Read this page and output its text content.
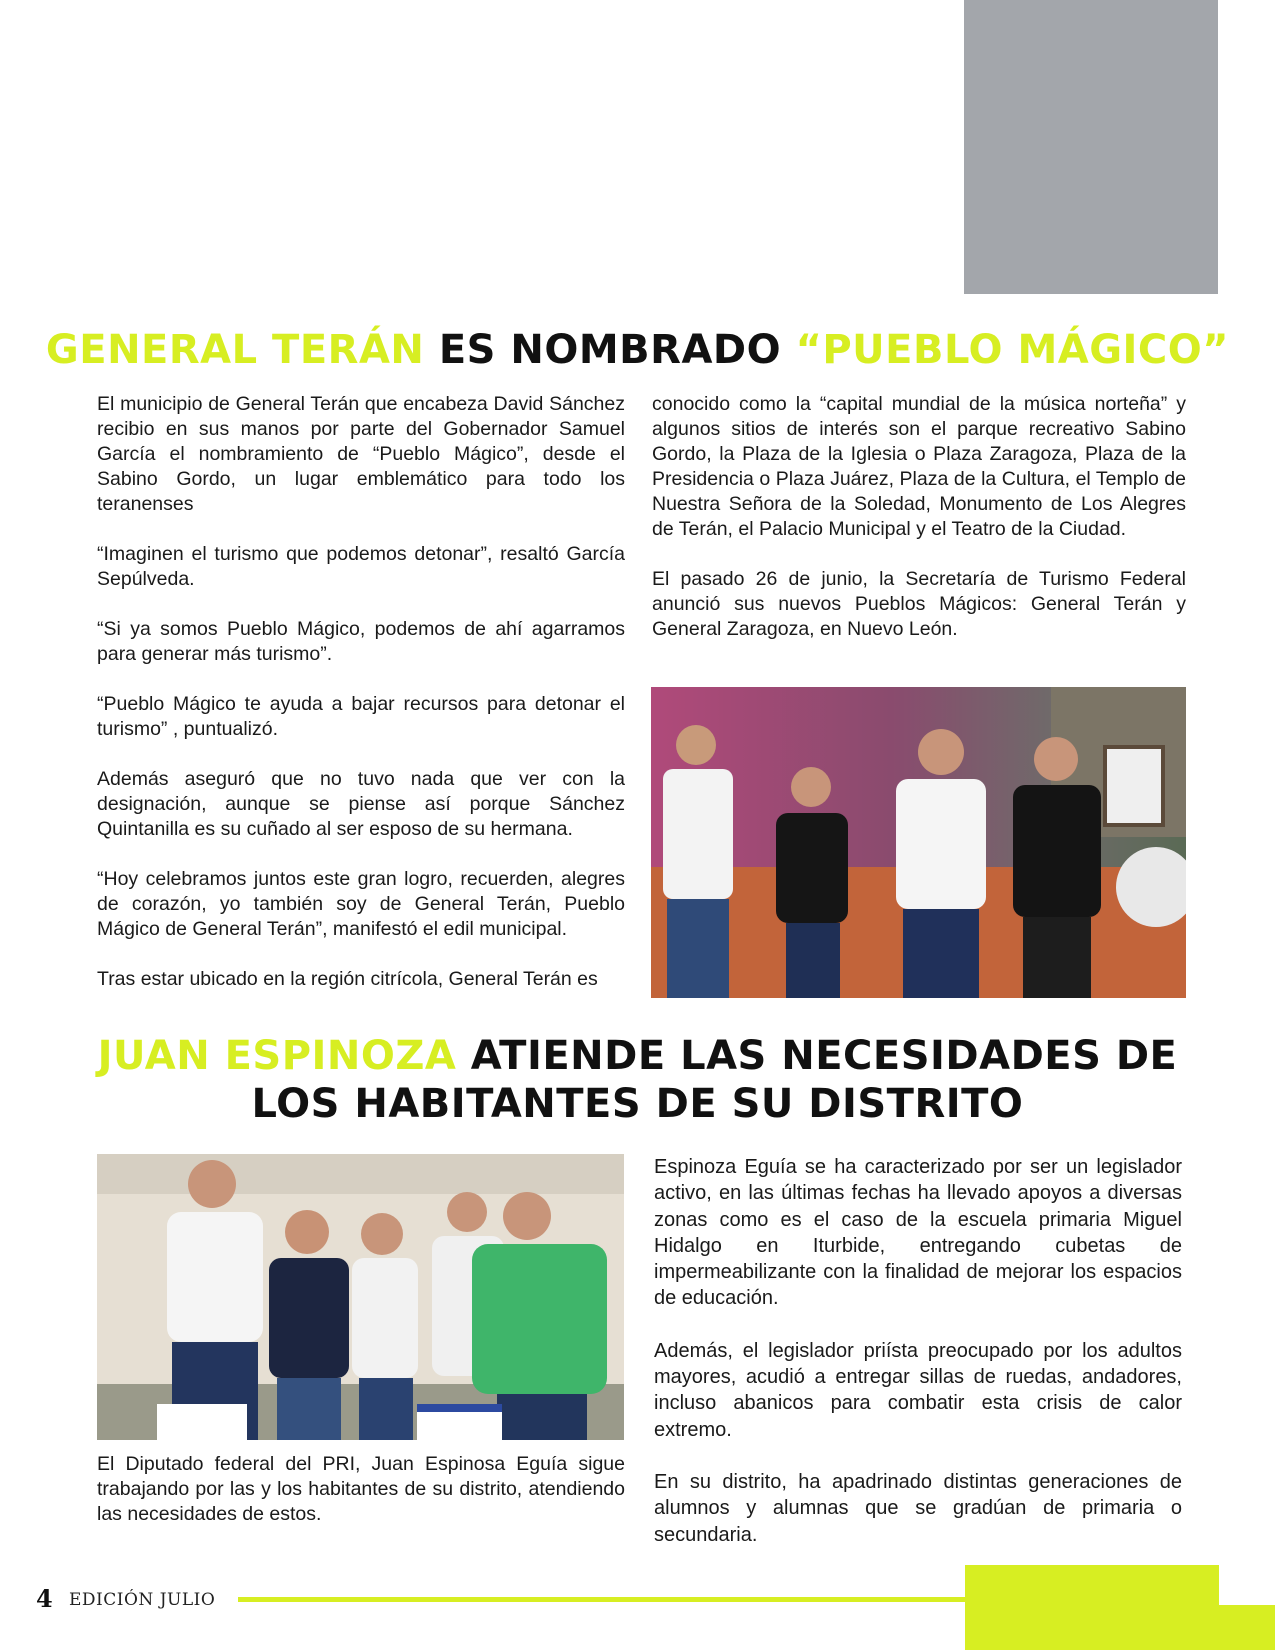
GENERAL TERÁN ES NOMBRADO “PUEBLO MÁGICO”

El municipio de General Terán que encabeza David Sánchez recibio en sus manos por parte del Gobernador Samuel García el nombramiento de “Pueblo Mágico”, desde el Sabino Gordo, un lugar emblemático para todo los teranenses

“Imaginen el turismo que podemos detonar”, resaltó García Sepúlveda.

“Si ya somos Pueblo Mágico, podemos de ahí agarramos para generar más turismo”.

“Pueblo Mágico te ayuda a bajar recursos para detonar el turismo” , puntualizó.

Además aseguró que no tuvo nada que ver con la designación, aunque se piense así porque Sánchez Quintanilla es su cuñado al ser esposo de su hermana.

“Hoy celebramos juntos este gran logro, recuerden, alegres de corazón, yo también soy de General Terán, Pueblo Mágico de General Terán”, manifestó el edil municipal.

Tras estar ubicado en la región citrícola, General Terán es

conocido como la “capital mundial de la música norteña” y algunos sitios de interés son el parque recreativo Sabino Gordo, la Plaza de la Iglesia o Plaza Zaragoza, Plaza de la Presidencia o Plaza Juárez, Plaza de la Cultura, el Templo de Nuestra Señora de la Soledad, Monumento de Los Alegres de Terán, el Palacio Municipal y el Teatro de la Ciudad.

El pasado 26 de junio, la Secretaría de Turismo Federal anunció sus nuevos Pueblos Mágicos: General Terán y General Zaragoza, en Nuevo León.

JUAN ESPINOZA ATIENDE LAS NECESIDADES DE
LOS HABITANTES DE SU DISTRITO

El Diputado federal del PRI, Juan Espinosa Eguía sigue trabajando por las y los habitantes de su distrito, atendiendo las necesidades de estos.

Espinoza Eguía se ha caracterizado por ser un legislador activo, en las últimas fechas ha llevado apoyos a diversas zonas como es el caso de la escuela primaria Miguel Hidalgo en Iturbide, entregando cubetas de impermeabilizante con la finalidad de mejorar los espacios de educación.

Además, el legislador priísta preocupado por los adultos mayores, acudió a entregar sillas de ruedas, andadores, incluso abanicos para combatir esta crisis de calor extremo.

En su distrito, ha apadrinado distintas generaciones de alumnos y alumnas que se gradúan de primaria o secundaria.

4 EDICIÓN JULIO
